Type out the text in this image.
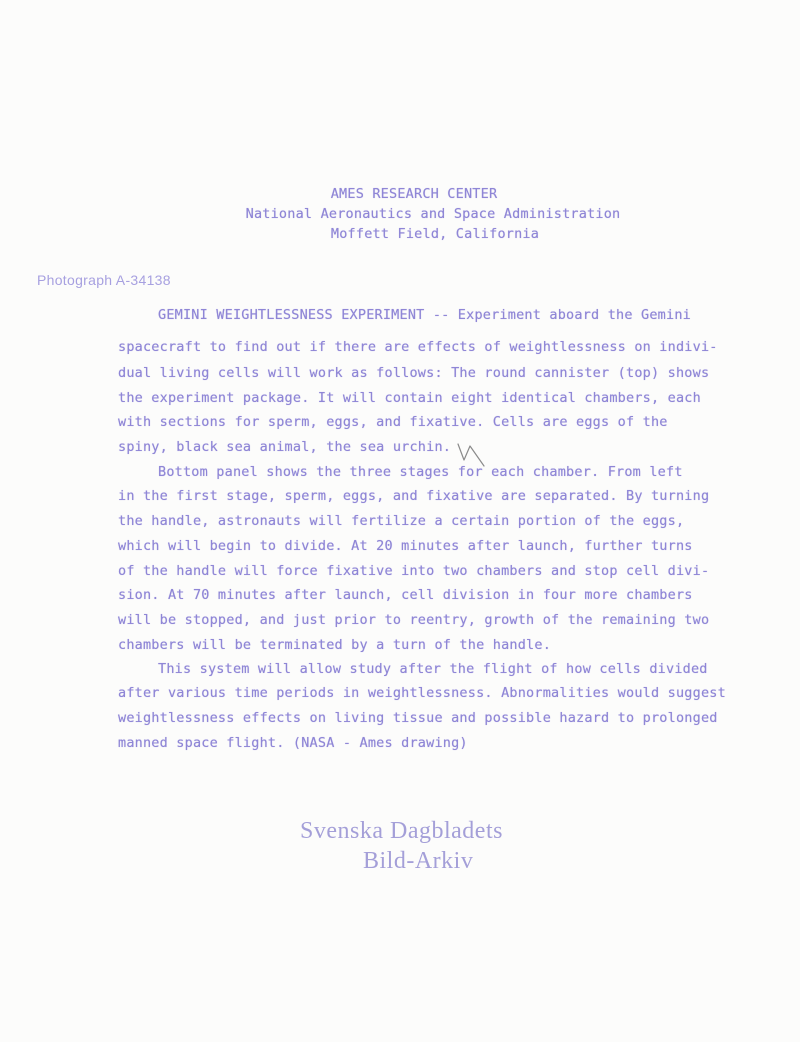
AMES RESEARCH CENTER
National Aeronautics and Space Administration
Moffett Field, California
Photograph A-34138
GEMINI WEIGHTLESSNESS EXPERIMENT -- Experiment aboard the Gemini
spacecraft to find out if there are effects of weightlessness on indivi-
dual living cells will work as follows: The round cannister (top) shows
the experiment package. It will contain eight identical chambers, each
with sections for sperm, eggs, and fixative. Cells are eggs of the
spiny, black sea animal, the sea urchin.
Bottom panel shows the three stages for each chamber. From left
in the first stage, sperm, eggs, and fixative are separated. By turning
the handle, astronauts will fertilize a certain portion of the eggs,
which will begin to divide. At 20 minutes after launch, further turns
of the handle will force fixative into two chambers and stop cell divi-
sion. At 70 minutes after launch, cell division in four more chambers
will be stopped, and just prior to reentry, growth of the remaining two
chambers will be terminated by a turn of the handle.
This system will allow study after the flight of how cells divided
after various time periods in weightlessness. Abnormalities would suggest
weightlessness effects on living tissue and possible hazard to prolonged
manned space flight. (NASA - Ames drawing)
Svenska Dagbladets
Bild-Arkiv
